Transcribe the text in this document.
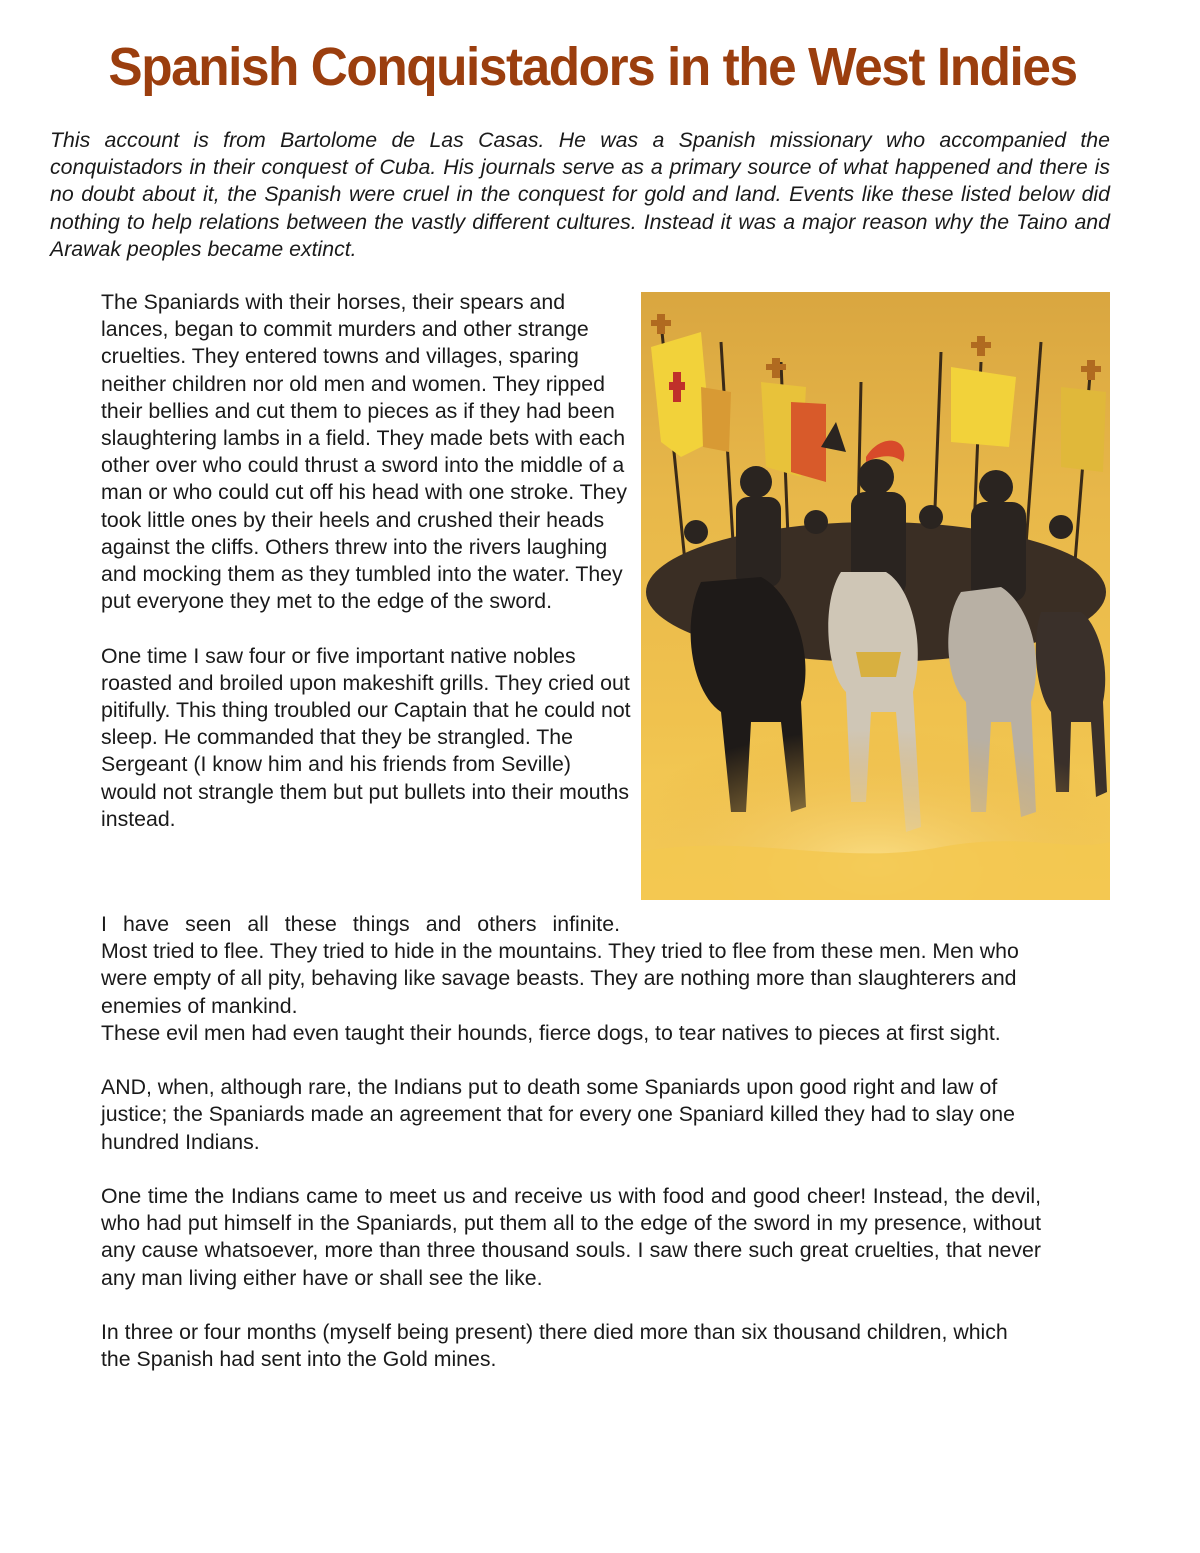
Spanish Conquistadors in the West Indies

This account is from Bartolome de Las Casas. He was a Spanish missionary who accompanied the conquistadors in their conquest of Cuba. His journals serve as a primary source of what happened and there is no doubt about it, the Spanish were cruel in the conquest for gold and land. Events like these listed below did nothing to help relations between the vastly different cultures. Instead it was a major reason why the Taino and Arawak peoples became extinct.

The Spaniards with their horses, their spears and lances, began to commit murders and other strange cruelties. They entered towns and villages, sparing neither children nor old men and women. They ripped their bellies and cut them to pieces as if they had been slaughtering lambs in a field. They made bets with each other over who could thrust a sword into the middle of a man or who could cut off his head with one stroke. They took little ones by their heels and crushed their heads against the cliffs. Others threw into the rivers laughing and mocking them as they tumbled into the water. They put everyone they met to the edge of the sword.

One time I saw four or five important native nobles roasted and broiled upon makeshift grills. They cried out pitifully. This thing troubled our Captain that he could not sleep. He commanded that they be strangled. The Sergeant (I know him and his friends from Seville) would not strangle them but put bullets into their mouths instead.

I have seen all these things and others infinite.

Most tried to flee. They tried to hide in the mountains. They tried to flee from these men. Men who were empty of all pity, behaving like savage beasts. They are nothing more than slaughterers and enemies of mankind.

These evil men had even taught their hounds, fierce dogs, to tear natives to pieces at first sight.

AND, when, although rare, the Indians put to death some Spaniards upon good right and law of justice; the Spaniards made an agreement that for every one Spaniard killed they had to slay one hundred Indians.

One time the Indians came to meet us and receive us with food and good cheer! Instead, the devil, who had put himself in the Spaniards, put them all to the edge of the sword in my presence, without any cause whatsoever, more than three thousand souls. I saw there such great cruelties, that never any man living either have or shall see the like.

In three or four months (myself being present) there died more than six thousand children, which the Spanish had sent into the Gold mines.
